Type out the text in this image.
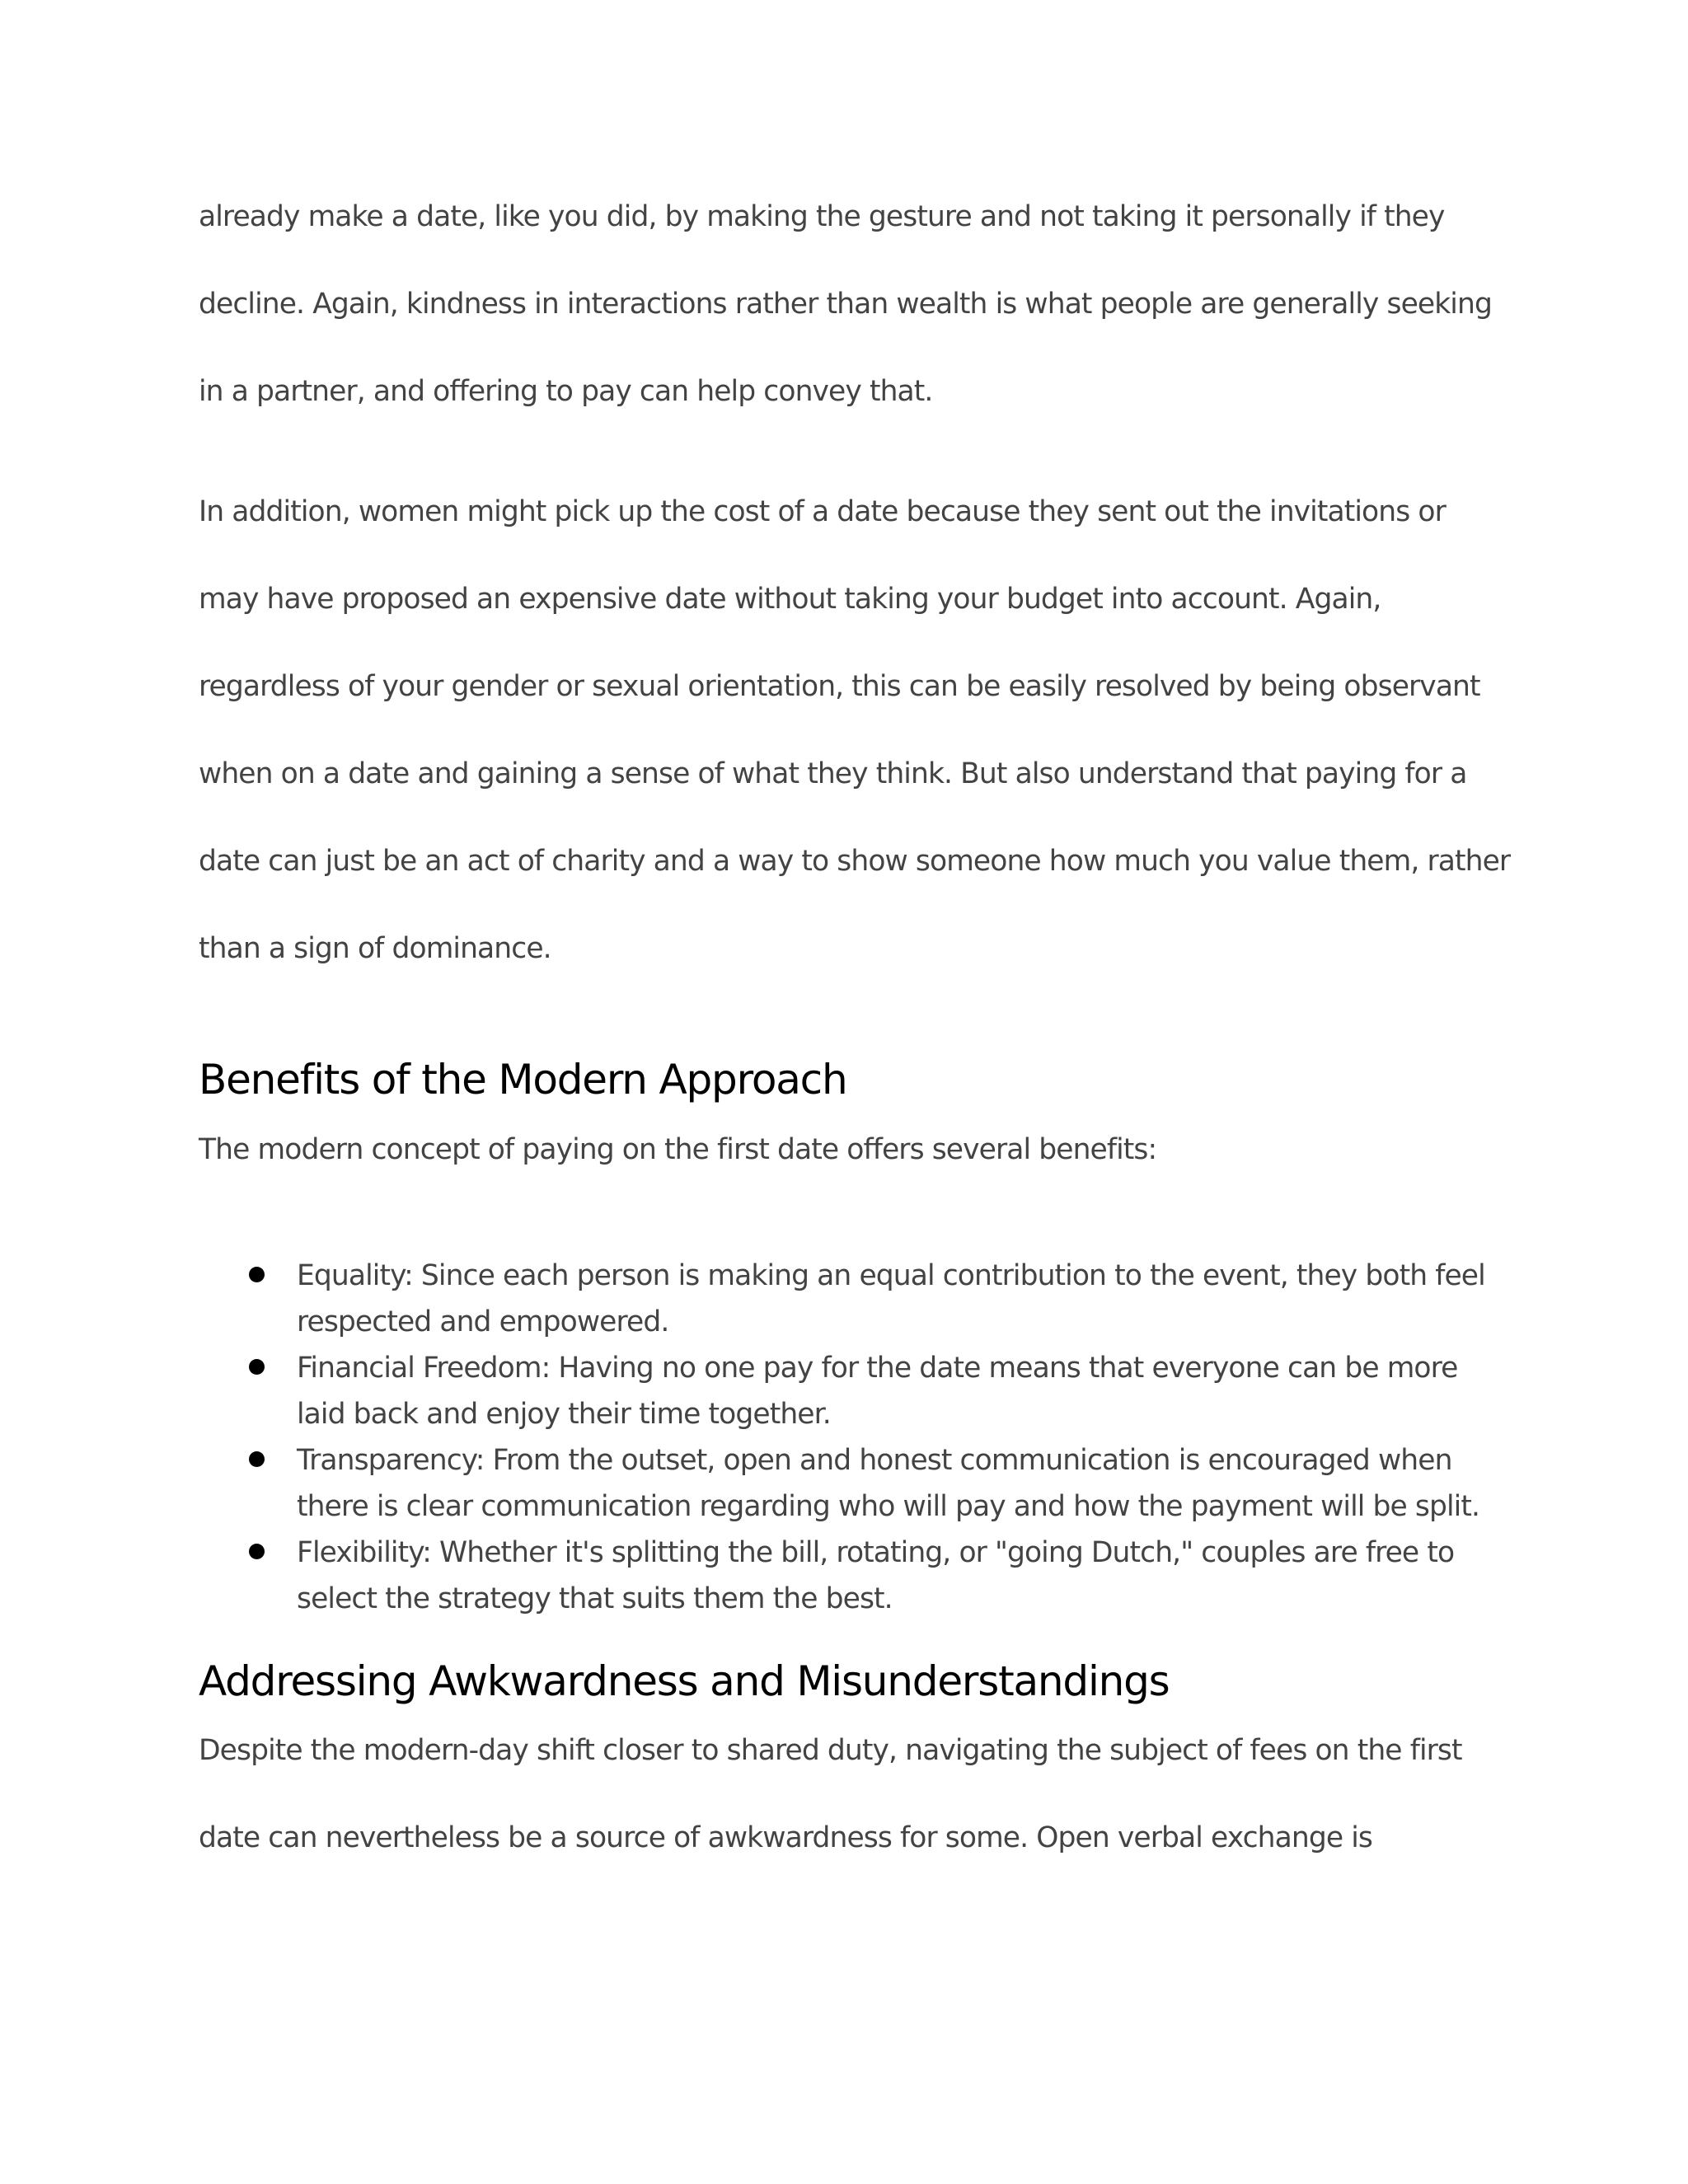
already make a date, like you did, by making the gesture and not taking it personally if they

decline. Again, kindness in interactions rather than wealth is what people are generally seeking

in a partner, and offering to pay can help convey that.

In addition, women might pick up the cost of a date because they sent out the invitations or

may have proposed an expensive date without taking your budget into account. Again,

regardless of your gender or sexual orientation, this can be easily resolved by being observant

when on a date and gaining a sense of what they think. But also understand that paying for a

date can just be an act of charity and a way to show someone how much you value them, rather

than a sign of dominance.

Benefits of the Modern Approach

The modern concept of paying on the first date offers several benefits:

Equality: Since each person is making an equal contribution to the event, they both feel
respected and empowered.
Financial Freedom: Having no one pay for the date means that everyone can be more
laid back and enjoy their time together.
Transparency: From the outset, open and honest communication is encouraged when
there is clear communication regarding who will pay and how the payment will be split.
Flexibility: Whether it's splitting the bill, rotating, or "going Dutch," couples are free to
select the strategy that suits them the best.
Addressing Awkwardness and Misunderstandings

Despite the modern-day shift closer to shared duty, navigating the subject of fees on the first

date can nevertheless be a source of awkwardness for some. Open verbal exchange is
